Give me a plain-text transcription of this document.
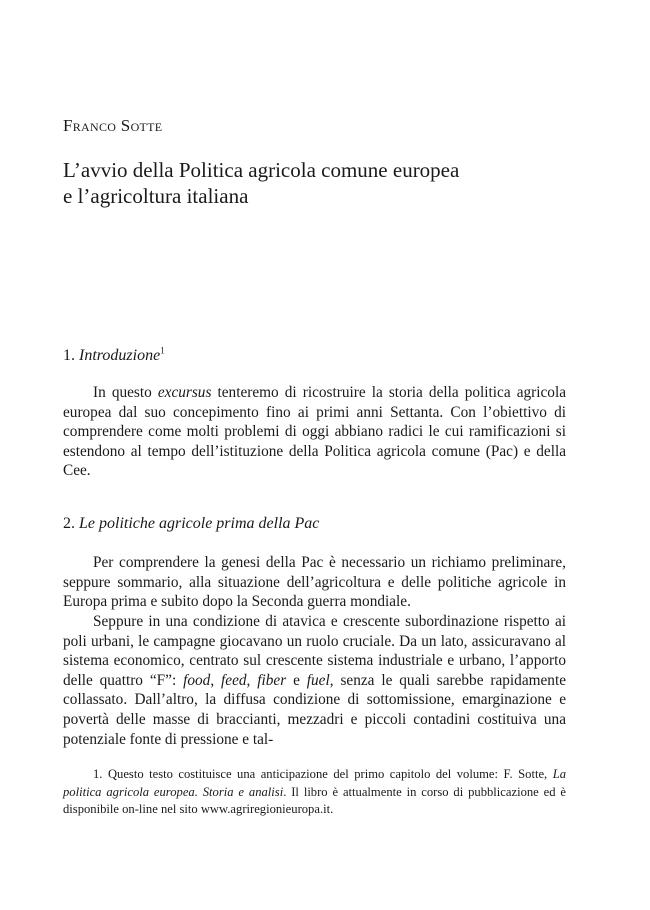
Franco Sotte

L’avvio della Politica agricola comune europea
e l’agricoltura italiana
1. Introduzione$^1$

In questo excursus tenteremo di ricostruire la storia della politica agricola europea dal suo concepimento fino ai primi anni Settanta. Con l’obiettivo di comprendere come molti problemi di oggi abbiano radici le cui ramificazioni si estendono al tempo dell’istituzione della Politica agricola comune (Pac) e della Cee.

2. Le politiche agricole prima della Pac

Per comprendere la genesi della Pac è necessario un richiamo preliminare, seppure sommario, alla situazione dell’agricoltura e delle politiche agricole in Europa prima e subito dopo la Seconda guerra mondiale.

Seppure in una condizione di atavica e crescente subordinazione rispetto ai poli urbani, le campagne giocavano un ruolo cruciale. Da un lato, assicuravano al sistema economico, centrato sul crescente sistema industriale e urbano, l’apporto delle quattro “F”: food, feed, fiber e fuel, senza le quali sarebbe rapidamente collassato. Dall’altro, la diffusa condizione di sottomissione, emarginazione e povertà delle masse di braccianti, mezzadri e piccoli contadini costituiva una potenziale fonte di pressione e tal-

1. Questo testo costituisce una anticipazione del primo capitolo del volume: F. Sotte, La politica agricola europea. Storia e analisi. Il libro è attualmente in corso di pubblicazione ed è disponibile on-line nel sito www.agriregionieuropa.it.
